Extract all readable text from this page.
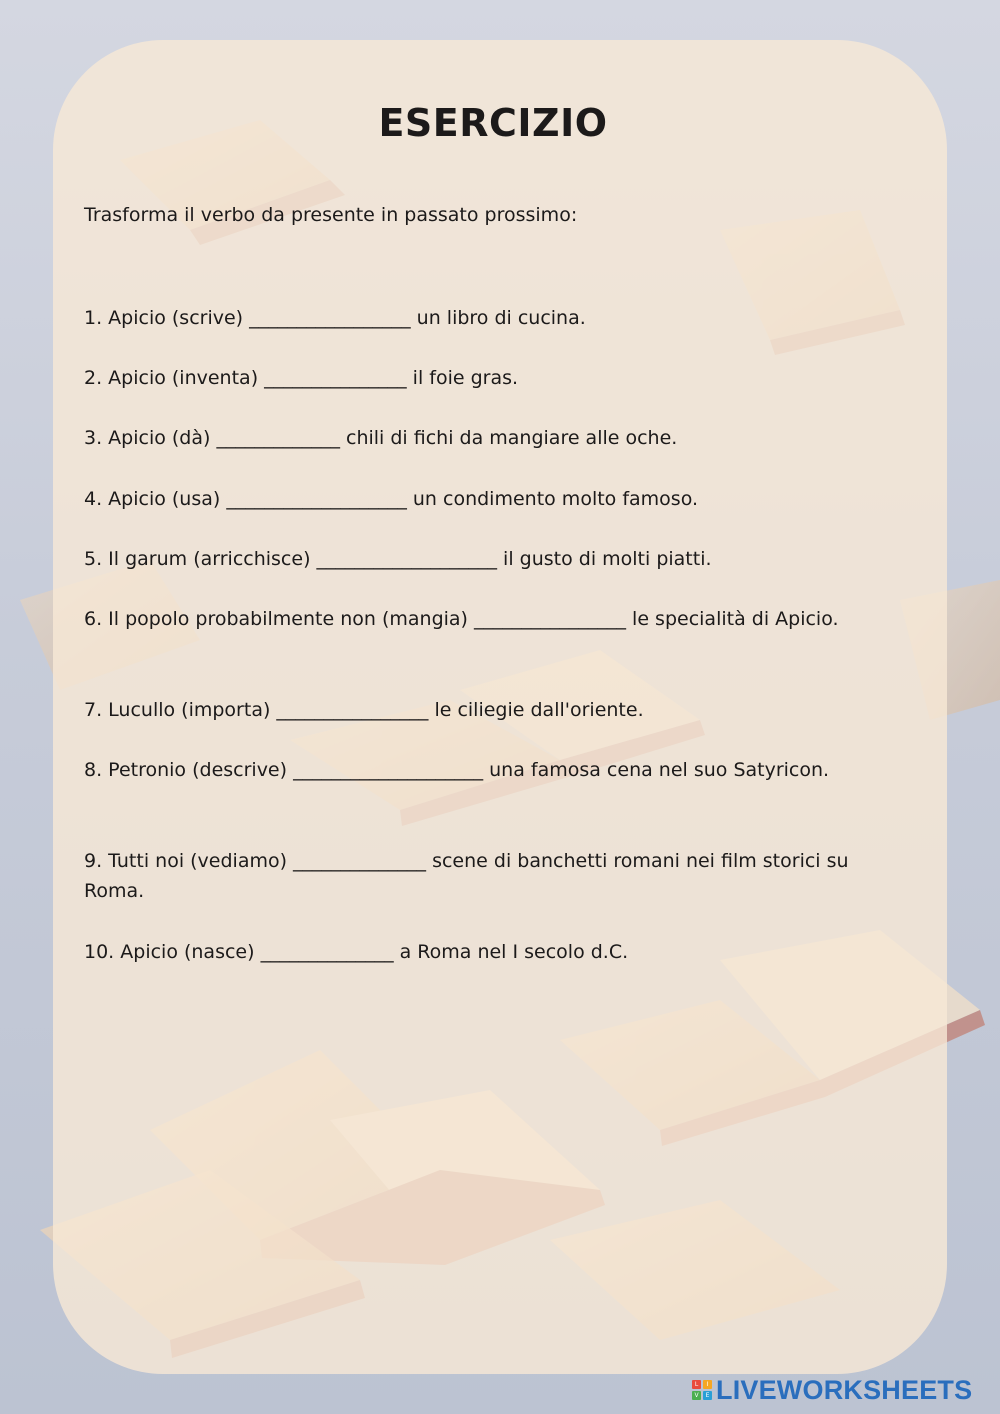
ESERCIZIO

Trasforma il verbo da presente in passato prossimo:

1. Apicio (scrive) _________________ un libro di cucina.

2. Apicio (inventa) _______________ il foie gras.

3. Apicio (dà) _____________ chili di fichi da mangiare alle oche.

4. Apicio (usa) ___________________ un condimento molto famoso.

5. Il garum (arricchisce) ___________________ il gusto di molti piatti.

6. Il popolo probabilmente non (mangia) ________________ le specialità di Apicio.

7. Lucullo (importa) ________________ le ciliegie dall'oriente.

8. Petronio (descrive) ____________________ una famosa cena nel suo Satyricon.

9. Tutti noi (vediamo) ______________ scene di banchetti romani nei film storici su Roma.

10. Apicio (nasce) ______________ a Roma nel I secolo d.C.

L	I
V	E LIVEWORKSHEETS
